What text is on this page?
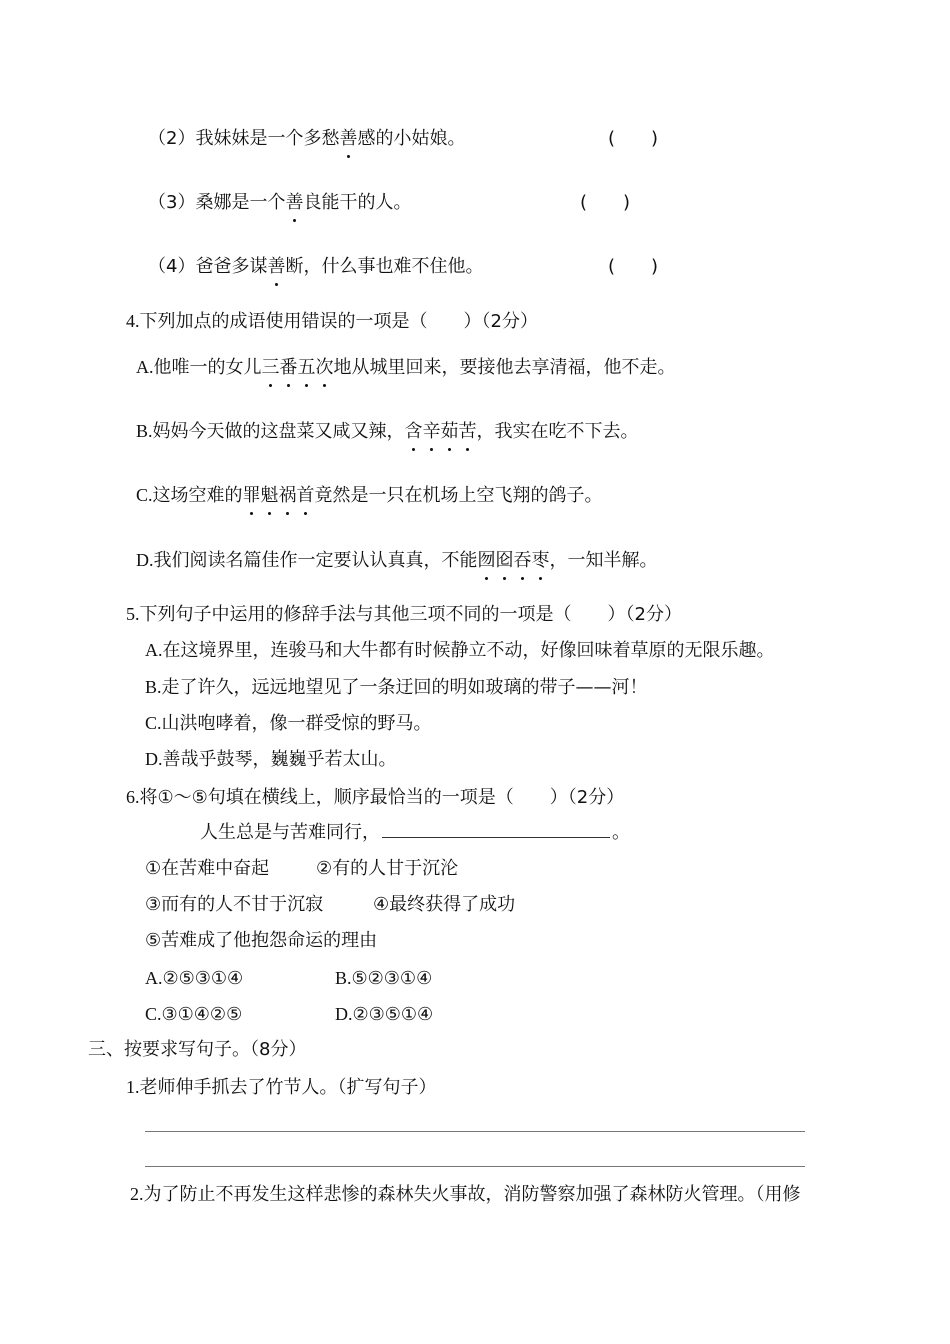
（2）我妹妹是一个多愁善感的小姑娘。	(　　)
（3）桑娜是一个善良能干的人。	(　　)
（4）爸爸多谋善断，什么事也难不住他。	(　　)
4.下列加点的成语使用错误的一项是（　　）（2分）
A.他唯一的女儿三番五次地从城里回来，要接他去享清福，他不走。
B.妈妈今天做的这盘菜又咸又辣，含辛茹苦，我实在吃不下去。
C.这场空难的罪魁祸首竟然是一只在机场上空飞翔的鸽子。
D.我们阅读名篇佳作一定要认认真真，不能囫囵吞枣，一知半解。
5.下列句子中运用的修辞手法与其他三项不同的一项是（　　）（2分）
A.在这境界里，连骏马和大牛都有时候静立不动，好像回味着草原的无限乐趣。
B.走了许久，远远地望见了一条迂回的明如玻璃的带子——河！
C.山洪咆哮着，像一群受惊的野马。
D.善哉乎鼓琴，巍巍乎若太山。
6.将①～⑤句填在横线上，顺序最恰当的一项是（　　）（2分）
人生总是与苦难同行，	。
①在苦难中奋起	②有的人甘于沉沦
③而有的人不甘于沉寂	④最终获得了成功
⑤苦难成了他抱怨命运的理由
A.②⑤③①④	B.⑤②③①④
C.③①④②⑤	D.②③⑤①④
三、按要求写句子。（8分）
1.老师伸手抓去了竹节人。（扩写句子）
2.为了防止不再发生这样悲惨的森林失火事故，消防警察加强了森林防火管理。（用修
